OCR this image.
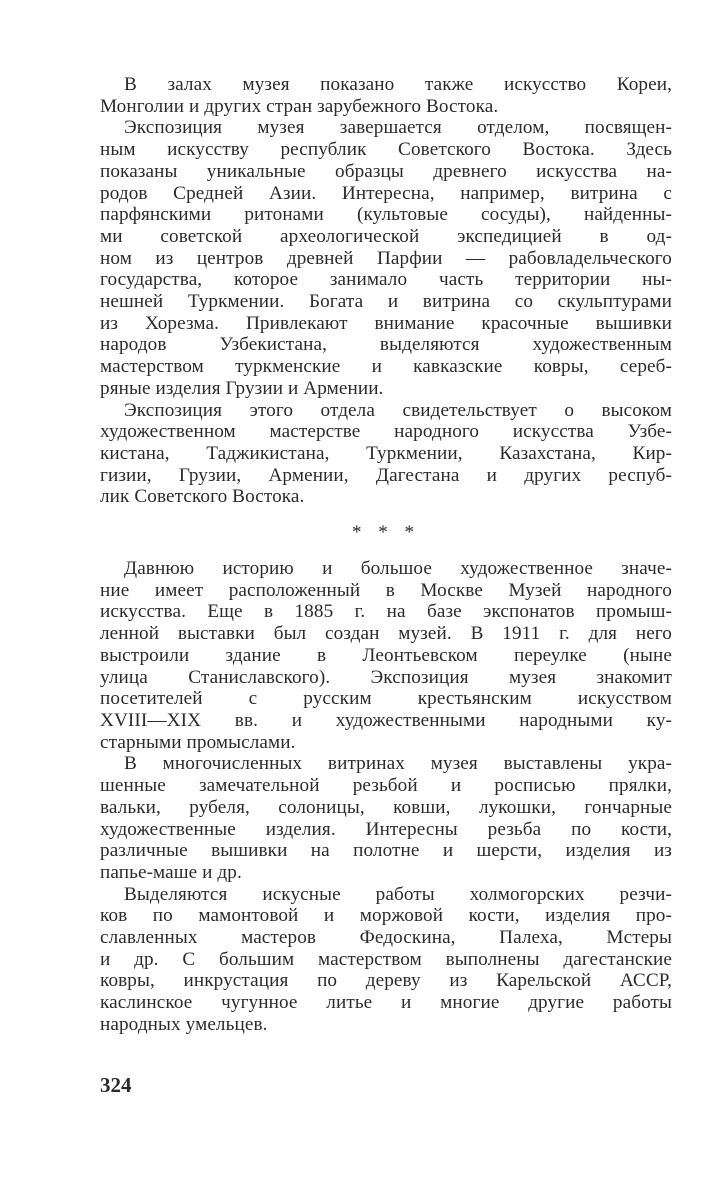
В залах музея показано также искусство Кореи,
Монголии и других стран зарубежного Востока.
Экспозиция музея завершается отделом, посвящен-
ным искусству республик Советского Востока. Здесь
показаны уникальные образцы древнего искусства на-
родов Средней Азии. Интересна, например, витрина с
парфянскими ритонами (культовые сосуды), найденны-
ми советской археологической экспедицией в од-
ном из центров древней Парфии — рабовладельческого
государства, которое занимало часть территории ны-
нешней Туркмении. Богата и витрина со скульптурами
из Хорезма. Привлекают внимание красочные вышивки
народов Узбекистана, выделяются художественным
мастерством туркменские и кавказские ковры, сереб-
ряные изделия Грузии и Армении.
Экспозиция этого отдела свидетельствует о высоком
художественном мастерстве народного искусства Узбе-
кистана, Таджикистана, Туркмении, Казахстана, Кир-
гизии, Грузии, Армении, Дагестана и других респуб-
лик Советского Востока.
* * *
Давнюю историю и большое художественное значе-
ние имеет расположенный в Москве Музей народного
искусства. Еще в 1885 г. на базе экспонатов промыш-
ленной выставки был создан музей. В 1911 г. для него
выстроили здание в Леонтьевском переулке (ныне
улица Станиславского). Экспозиция музея знакомит
посетителей с русским крестьянским искусством
XVIII—XIX вв. и художественными народными ку-
старными промыслами.
В многочисленных витринах музея выставлены укра-
шенные замечательной резьбой и росписью прялки,
вальки, рубеля, солоницы, ковши, лукошки, гончарные
художественные изделия. Интересны резьба по кости,
различные вышивки на полотне и шерсти, изделия из
папье-маше и др.
Выделяются искусные работы холмогорских резчи-
ков по мамонтовой и моржовой кости, изделия про-
славленных мастеров Федоскина, Палеха, Мстеры
и др. С большим мастерством выполнены дагестанские
ковры, инкрустация по дереву из Карельской АССР,
каслинское чугунное литье и многие другие работы
народных умельцев.
324
